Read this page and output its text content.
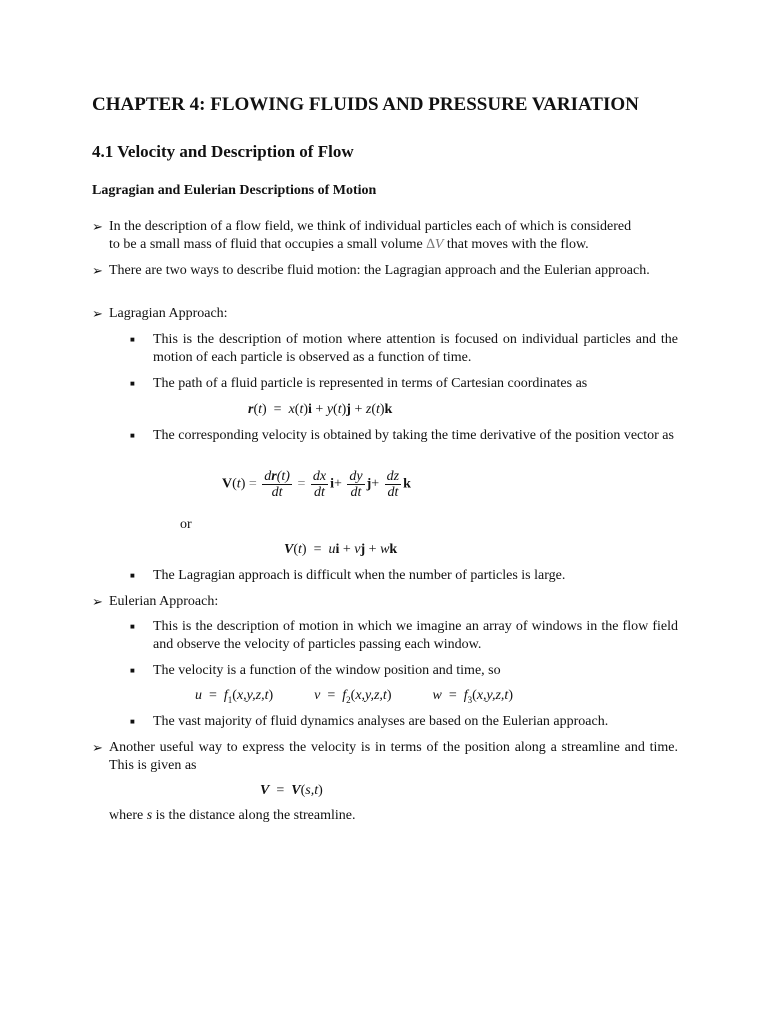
CHAPTER 4: FLOWING FLUIDS AND PRESSURE VARIATION
4.1 Velocity and Description of Flow
Lagragian and Eulerian Descriptions of Motion
➢ In the description of a flow field, we think of individual particles each of which is considered
to be a small mass of fluid that occupies a small volume ∆V that moves with the flow.
➢ There are two ways to describe fluid motion: the Lagragian approach and the Eulerian approach.
➢ Lagragian Approach:
■ This is the description of motion where attention is focused on individual particles and the motion of each particle is observed as a function of time.
■ The path of a fluid particle is represented in terms of Cartesian coordinates as
r(t)  =  x(t)i + y(t)j + z(t)k
■ The corresponding velocity is obtained by taking the time derivative of the position vector as
$V(t) = \frac{dr(t)}{dt} = \frac{dx}{dt} i+ \frac{dy}{dt} j+ \frac{dz}{dt}$ k
or
V(t)  =  ui + vj + wk
■ The Lagragian approach is difficult when the number of particles is large.
➢ Eulerian Approach:
■ This is the description of motion in which we imagine an array of windows in the flow field and observe the velocity of particles passing each window.
■ The velocity is a function of the window position and time, so
$u = f_1(x,y,z,t)$	$v = f_2(x,y,z,t)$	$w = f_3(x,y,z,t)$
■ The vast majority of fluid dynamics analyses are based on the Eulerian approach.
➢ Another useful way to express the velocity is in terms of the position along a streamline and time. This is given as
V  =  V(s,t)
where s is the distance along the streamline.
